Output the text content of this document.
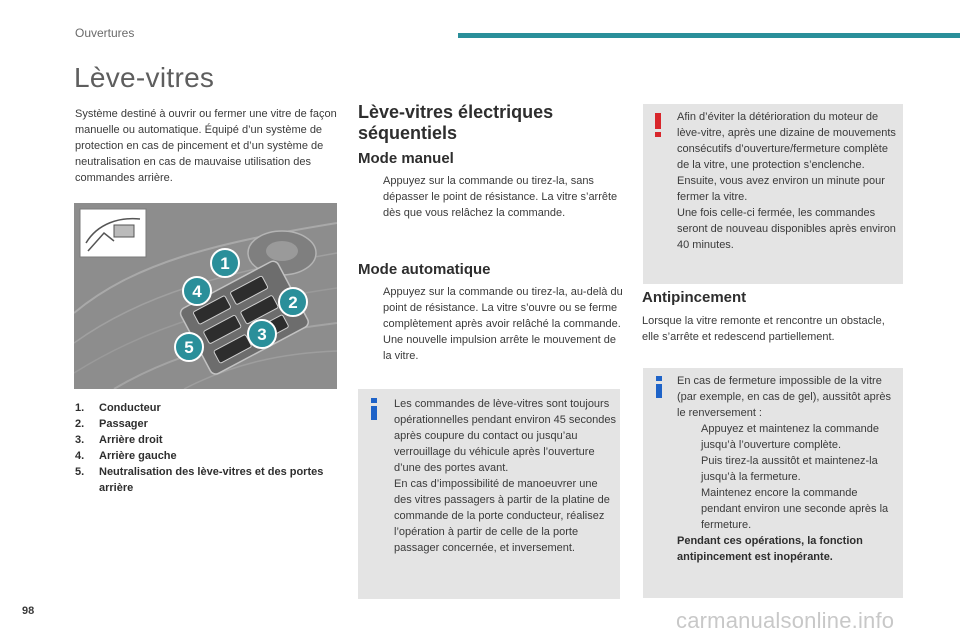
Ouvertures
Lève-vitres

Système destiné à ouvrir ou fermer une vitre de façon manuelle ou automatique. Équipé d’un système de protection en cas de pincement et d’un système de neutralisation en cas de mauvaise utilisation des commandes arrière.

1
2
3
4
5
1.	Conducteur
2.	Passager
3.	Arrière droit
4.	Arrière gauche
5.	Neutralisation des lève-vitres et des portes arrière
Lève-vitres électriques séquentiels
Mode manuel
Appuyez sur la commande ou tirez-la, sans dépasser le point de résistance. La vitre s’arrête dès que vous relâchez la commande.
Mode automatique
Appuyez sur la commande ou tirez-la, au-delà du point de résistance. La vitre s’ouvre ou se ferme complètement après avoir relâché la commande.
Une nouvelle impulsion arrête le mouvement de la vitre.

Les commandes de lève-vitres sont toujours opérationnelles pendant environ 45 secondes après coupure du contact ou jusqu’au verrouillage du véhicule après l’ouverture d’une des portes avant.

En cas d’impossibilité de manoeuvrer une des vitres passagers à partir de la platine de commande de la porte conducteur, réalisez l’opération à partir de celle de la porte passager concernée, et inversement.

Afin d’éviter la détérioration du moteur de lève-vitre, après une dizaine de mouvements consécutifs d’ouverture/fermeture complète de la vitre, une protection s’enclenche.

Ensuite, vous avez environ un minute pour fermer la vitre.

Une fois celle-ci fermée, les commandes seront de nouveau disponibles après environ 40 minutes.

Antipincement

Lorsque la vitre remonte et rencontre un obstacle, elle s’arrête et redescend partiellement.

En cas de fermeture impossible de la vitre (par exemple, en cas de gel), aussitôt après le renversement :

Appuyez et maintenez la commande jusqu’à l’ouverture complète.
Puis tirez-la aussitôt et maintenez-la jusqu’à la fermeture.
Maintenez encore la commande pendant environ une seconde après la fermeture.

Pendant ces opérations, la fonction antipincement est inopérante.

98	carmanualsonline.info
